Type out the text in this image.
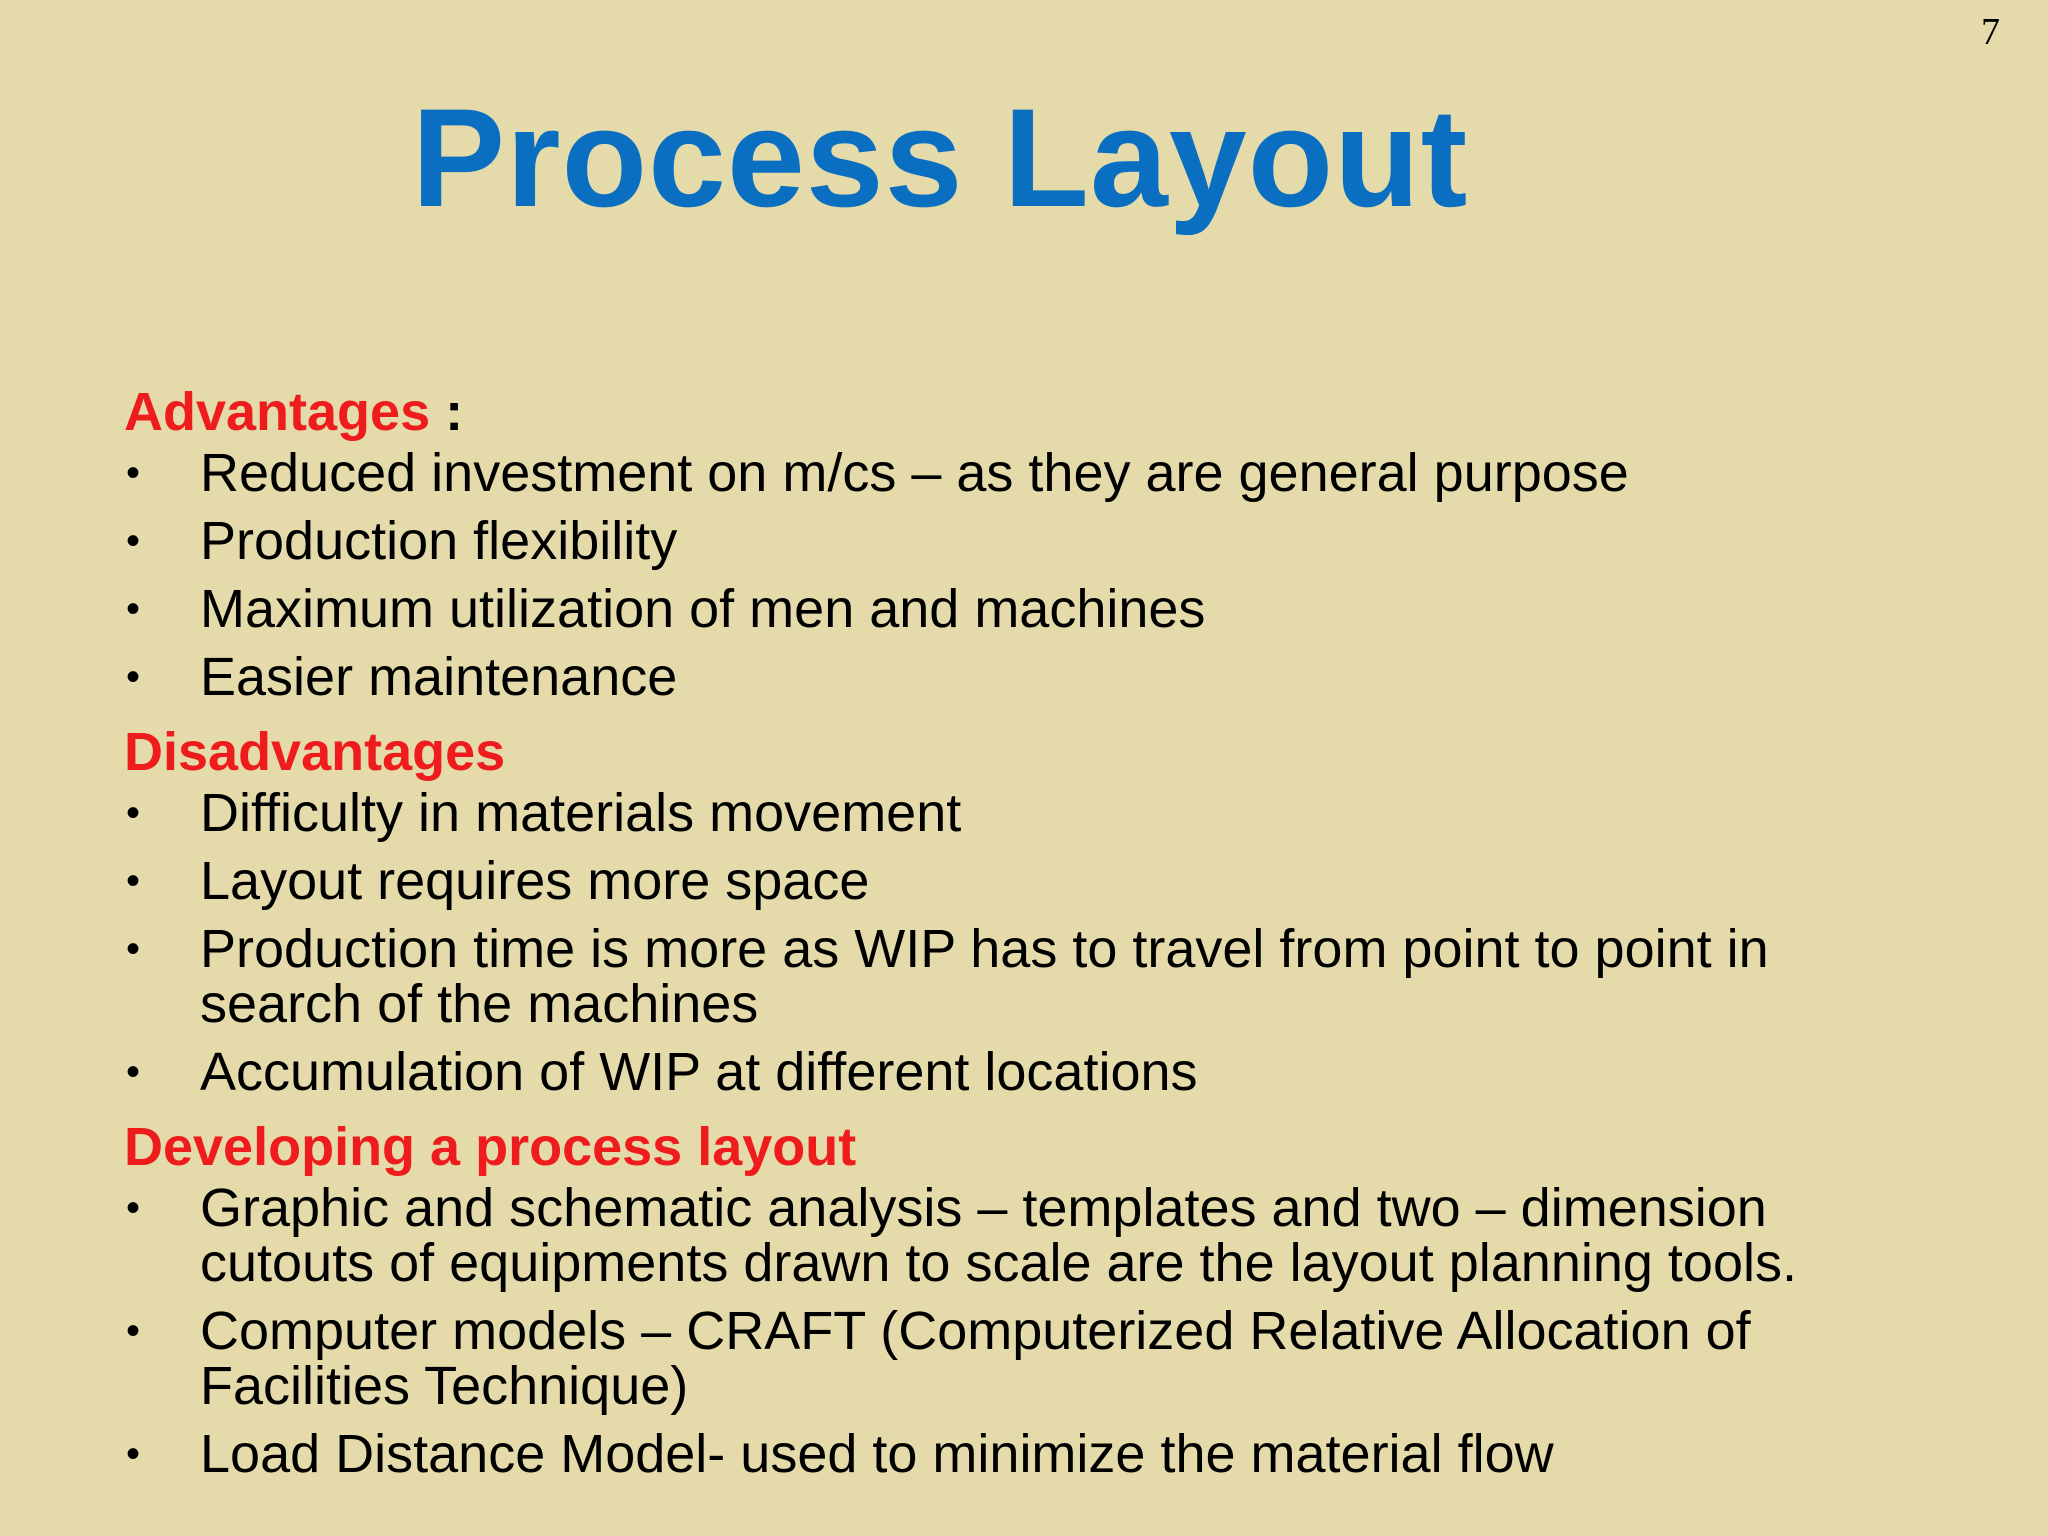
7
Process Layout
Advantages :
• Reduced investment on m/cs – as they are general purpose
• Production flexibility
• Maximum utilization of men and machines
• Easier maintenance
Disadvantages
• Difficulty in materials movement
• Layout requires more space
• Production time is more as WIP has to travel from point to point in search of the machines
• Accumulation of WIP at different locations
Developing a process layout
• Graphic and schematic analysis – templates and two – dimension cutouts of equipments drawn to scale are the layout planning tools.
• Computer models – CRAFT (Computerized Relative Allocation of Facilities Technique)
• Load Distance Model- used to minimize the material flow
